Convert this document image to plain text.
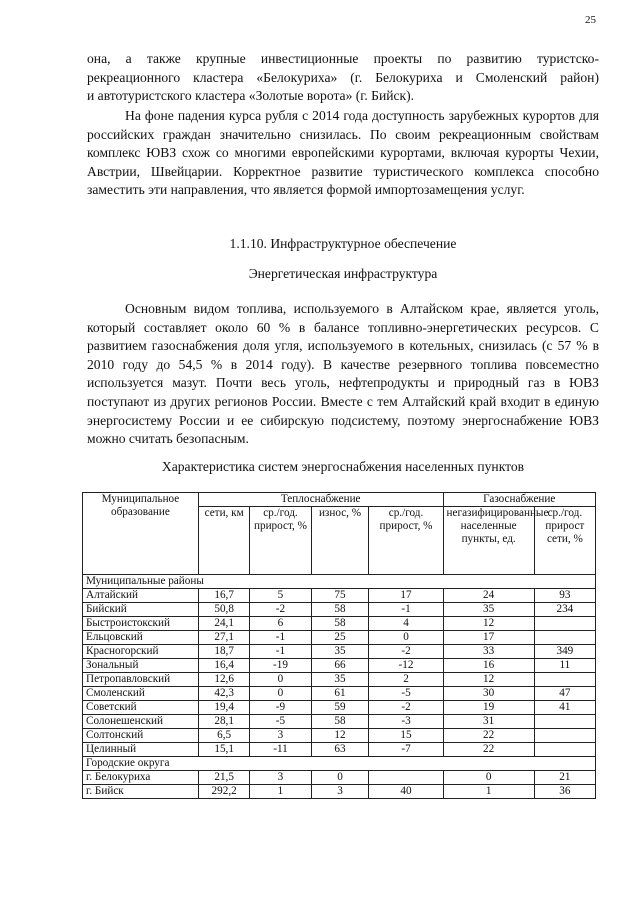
25

она, а также крупные инвестиционные проекты по развитию туристско-

рекреационного кластера «Белокуриха» (г. Белокуриха и Смоленский район)

и автотуристского кластера «Золотые ворота» (г. Бийск).

На фоне падения курса рубля с 2014 года доступность зарубежных курортов для российских граждан значительно снизилась. По своим рекреационным свойствам комплекс ЮВЗ схож со многими европейскими курортами, включая курорты Чехии, Австрии, Швейцарии. Корректное развитие туристического комплекса способно заместить эти направления, что является формой импортозамещения услуг.

1.1.10. Инфраструктурное обеспечение
Энергетическая инфраструктура

Основным видом топлива, используемого в Алтайском крае, является уголь, который составляет около 60 % в балансе топливно-энергетических ресурсов. С развитием газоснабжения доля угля, используемого в котельных, снизилась (с 57 % в 2010 году до 54,5 % в 2014 году). В качестве резервного топлива повсеместно используется мазут. Почти весь уголь, нефтепродукты и природный газ в ЮВЗ поступают из других регионов России. Вместе с тем Алтайский край входит в единую энергосистему России и ее сибирскую подсистему, поэтому энергоснабжение ЮВЗ можно считать безопасным.

Характеристика систем энергоснабжения населенных пунктов
Муниципальное образование	Теплоснабжение				Газоснабжение	
	сети, км	ср./год. прирост, %	износ, %	ср./год. прирост, %	негазифицированные населенные пункты, ед.	ср./год. прирост сети, %
Муниципальные районы						
Алтайский	16,7	5	75	17	24	93
Бийский	50,8	-2	58	-1	35	234
Быстроистокский	24,1	6	58	4	12	
Ельцовский	27,1	-1	25	0	17	
Красногорский	18,7	-1	35	-2	33	349
Зональный	16,4	-19	66	-12	16	11
Петропавловский	12,6	0	35	2	12	
Смоленский	42,3	0	61	-5	30	47
Советский	19,4	-9	59	-2	19	41
Солонешенский	28,1	-5	58	-3	31	
Солтонский	6,5	3	12	15	22	
Целинный	15,1	-11	63	-7	22	
Городские округа						
г. Белокуриха	21,5	3	0		0	21
г. Бийск	292,2	1	3	40	1	36
